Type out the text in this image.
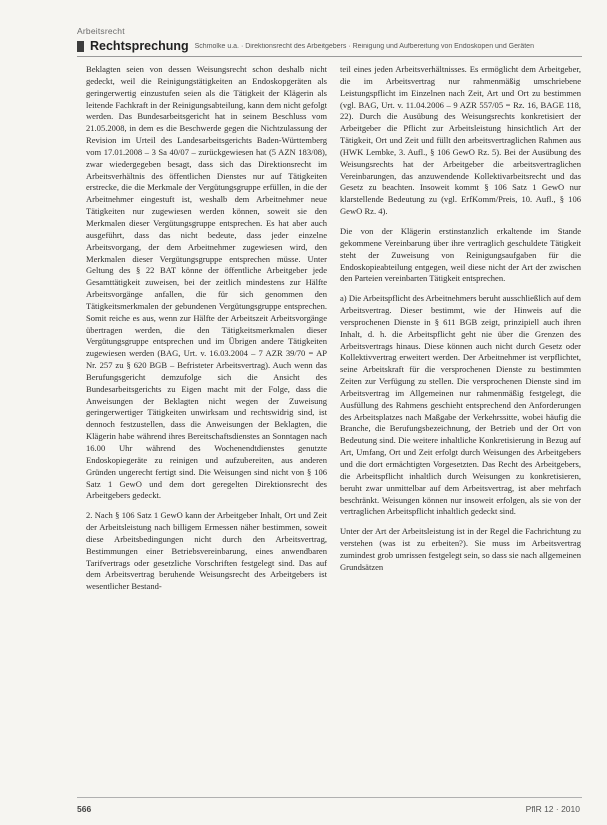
Arbeitsrecht
Rechtsprechung Schmolke u.a. · Direktionsrecht des Arbeitgebers · Reinigung und Aufbereitung von Endoskopen und Geräten

Beklagten seien von dessen Weisungsrecht schon deshalb nicht gedeckt, weil die Reinigungstätigkeiten an Endoskopgeräten als geringerwertig einzustufen seien als die Tätigkeit der Klägerin als leitende Fachkraft in der Reinigungsabteilung, kann dem nicht gefolgt werden. Das Bundesarbeitsgericht hat in seinem Beschluss vom 21.05.2008, in dem es die Beschwerde gegen die Nichtzulassung der Revision im Urteil des Landesarbeitsgerichts Baden-Württemberg vom 17.01.2008 – 3 Sa 40/07 – zurückgewiesen hat (5 AZN 183/08), zwar wiedergegeben besagt, dass sich das Direktionsrecht im Arbeitsverhältnis des öffentlichen Dienstes nur auf Tätigkeiten erstrecke, die die Merkmale der Vergütungsgruppe erfüllen, in die der Arbeitnehmer eingestuft ist, weshalb dem Arbeitnehmer neue Tätigkeiten nur zugewiesen werden können, soweit sie den Merkmalen dieser Vergütungsgruppe entsprechen. Es hat aber auch ausgeführt, dass das nicht bedeute, dass jeder einzelne Arbeitsvorgang, der dem Arbeitnehmer zugewiesen wird, den Merkmalen dieser Vergütungsgruppe entsprechen müsse. Unter Geltung des § 22 BAT könne der öffentliche Arbeitgeber jede Gesamttätigkeit zuweisen, bei der zeitlich mindestens zur Hälfte Arbeitsvorgänge anfallen, die für sich genommen den Tätigkeitsmerkmalen der gebundenen Vergütungsgruppe entsprechen. Somit reiche es aus, wenn zur Hälfte der Arbeitszeit Arbeitsvorgänge übertragen werden, die den Tätigkeitsmerkmalen dieser Vergütungsgruppe entsprechen und im Übrigen andere Tätigkeiten zugewiesen werden (BAG, Urt. v. 16.03.2004 – 7 AZR 39/70 = AP Nr. 257 zu § 620 BGB – Befristeter Arbeitsvertrag). Auch wenn das Berufungsgericht demzufolge sich die Ansicht des Bundesarbeitsgerichts zu Eigen macht mit der Folge, dass die Anweisungen der Beklagten nicht wegen der Zuweisung geringerwertiger Tätigkeiten unwirksam und rechtswidrig sind, ist dennoch festzustellen, dass die Anweisungen der Beklagten, die Klägerin habe während ihres Bereitschaftsdienstes an Sonntagen nach 16.00 Uhr während des Wochenendtdienstes genutzte Endoskopiegeräte zu reinigen und aufzubereiten, aus anderen Gründen ungerecht fertigt sind. Die Weisungen sind nicht von § 106 Satz 1 GewO und dem dort geregelten Direktionsrecht des Arbeitgebers gedeckt.

2. Nach § 106 Satz 1 GewO kann der Arbeitgeber Inhalt, Ort und Zeit der Arbeitsleistung nach billigem Ermessen näher bestimmen, soweit diese Arbeitsbedingungen nicht durch den Arbeitsvertrag, Bestimmungen einer Betriebsvereinbarung, eines anwendbaren Tarifvertrags oder gesetzliche Vorschriften festgelegt sind. Das auf dem Arbeitsvertrag beruhende Weisungsrecht des Arbeitgebers ist wesentlicher Bestand-

teil eines jeden Arbeitsverhältnisses. Es ermöglicht dem Arbeitgeber, die im Arbeitsvertrag nur rahmenmäßig umschriebene Leistungspflicht im Einzelnen nach Zeit, Art und Ort zu bestimmen (vgl. BAG, Urt. v. 11.04.2006 – 9 AZR 557/05 = Rz. 16, BAGE 118, 22). Durch die Ausübung des Weisungsrechts konkretisiert der Arbeitgeber die Pflicht zur Arbeitsleistung hinsichtlich Art der Tätigkeit, Ort und Zeit und füllt den arbeitsvertraglichen Rahmen aus (HWK Lembke, 3. Aufl., § 106 GewO Rz. 5). Bei der Ausübung des Weisungsrechts hat der Arbeitgeber die arbeitsvertraglichen Vereinbarungen, das anzuwendende Kollektivarbeitsrecht und das Gesetz zu beachten. Insoweit kommt § 106 Satz 1 GewO nur klarstellende Bedeutung zu (vgl. ErfKomm/Preis, 10. Aufl., § 106 GewO Rz. 4).

Die von der Klägerin erstinstanzlich erkaltende im Stande gekommene Vereinbarung über ihre vertraglich geschuldete Tätigkeit steht der Zuweisung von Reinigungsaufgaben für die Endoskopieabteilung entgegen, weil diese nicht der Art der zwischen den Parteien vereinbarten Tätigkeit entsprechen.

a) Die Arbeitspflicht des Arbeitnehmers beruht ausschließlich auf dem Arbeitsvertrag. Dieser bestimmt, wie der Hinweis auf die versprochenen Dienste in § 611 BGB zeigt, prinzipiell auch ihren Inhalt, d. h. die Arbeitspflicht geht nie über die Grenzen des Arbeitsvertrags hinaus. Diese können auch nicht durch Gesetz oder Kollektivvertrag erweitert werden. Der Arbeitnehmer ist verpflichtet, seine Arbeitskraft für die versprochenen Dienste zu bestimmten Zeiten zur Verfügung zu stellen. Die versprochenen Dienste sind im Arbeitsvertrag im Allgemeinen nur rahmenmäßig festgelegt, die Ausfüllung des Rahmens geschieht entsprechend den Anforderungen des Arbeitsplatzes nach Maßgabe der Verkehrssitte, wobei häufig die Branche, die Berufungsbezeichnung, der Betrieb und der Ort von Bedeutung sind. Die weitere inhaltliche Konkretisierung in Bezug auf Art, Umfang, Ort und Zeit erfolgt durch Weisungen des Arbeitgebers und die dort ermächtigten Vorgesetzten. Das Recht des Arbeitgebers, die Arbeitspflicht inhaltlich durch Weisungen zu konkretisieren, beruht zwar unmittelbar auf dem Arbeitsvertrag, ist aber mehrfach beschränkt. Weisungen können nur insoweit erfolgen, als sie von der vertraglichen Arbeitspflicht inhaltlich gedeckt sind.

Unter der Art der Arbeitsleistung ist in der Regel die Fachrichtung zu verstehen (was ist zu erbeiten?). Sie muss im Arbeitsvertrag zumindest grob umrissen festgelegt sein, so dass sie nach allgemeinen Grundsätzen

566	PflR 12 · 2010
